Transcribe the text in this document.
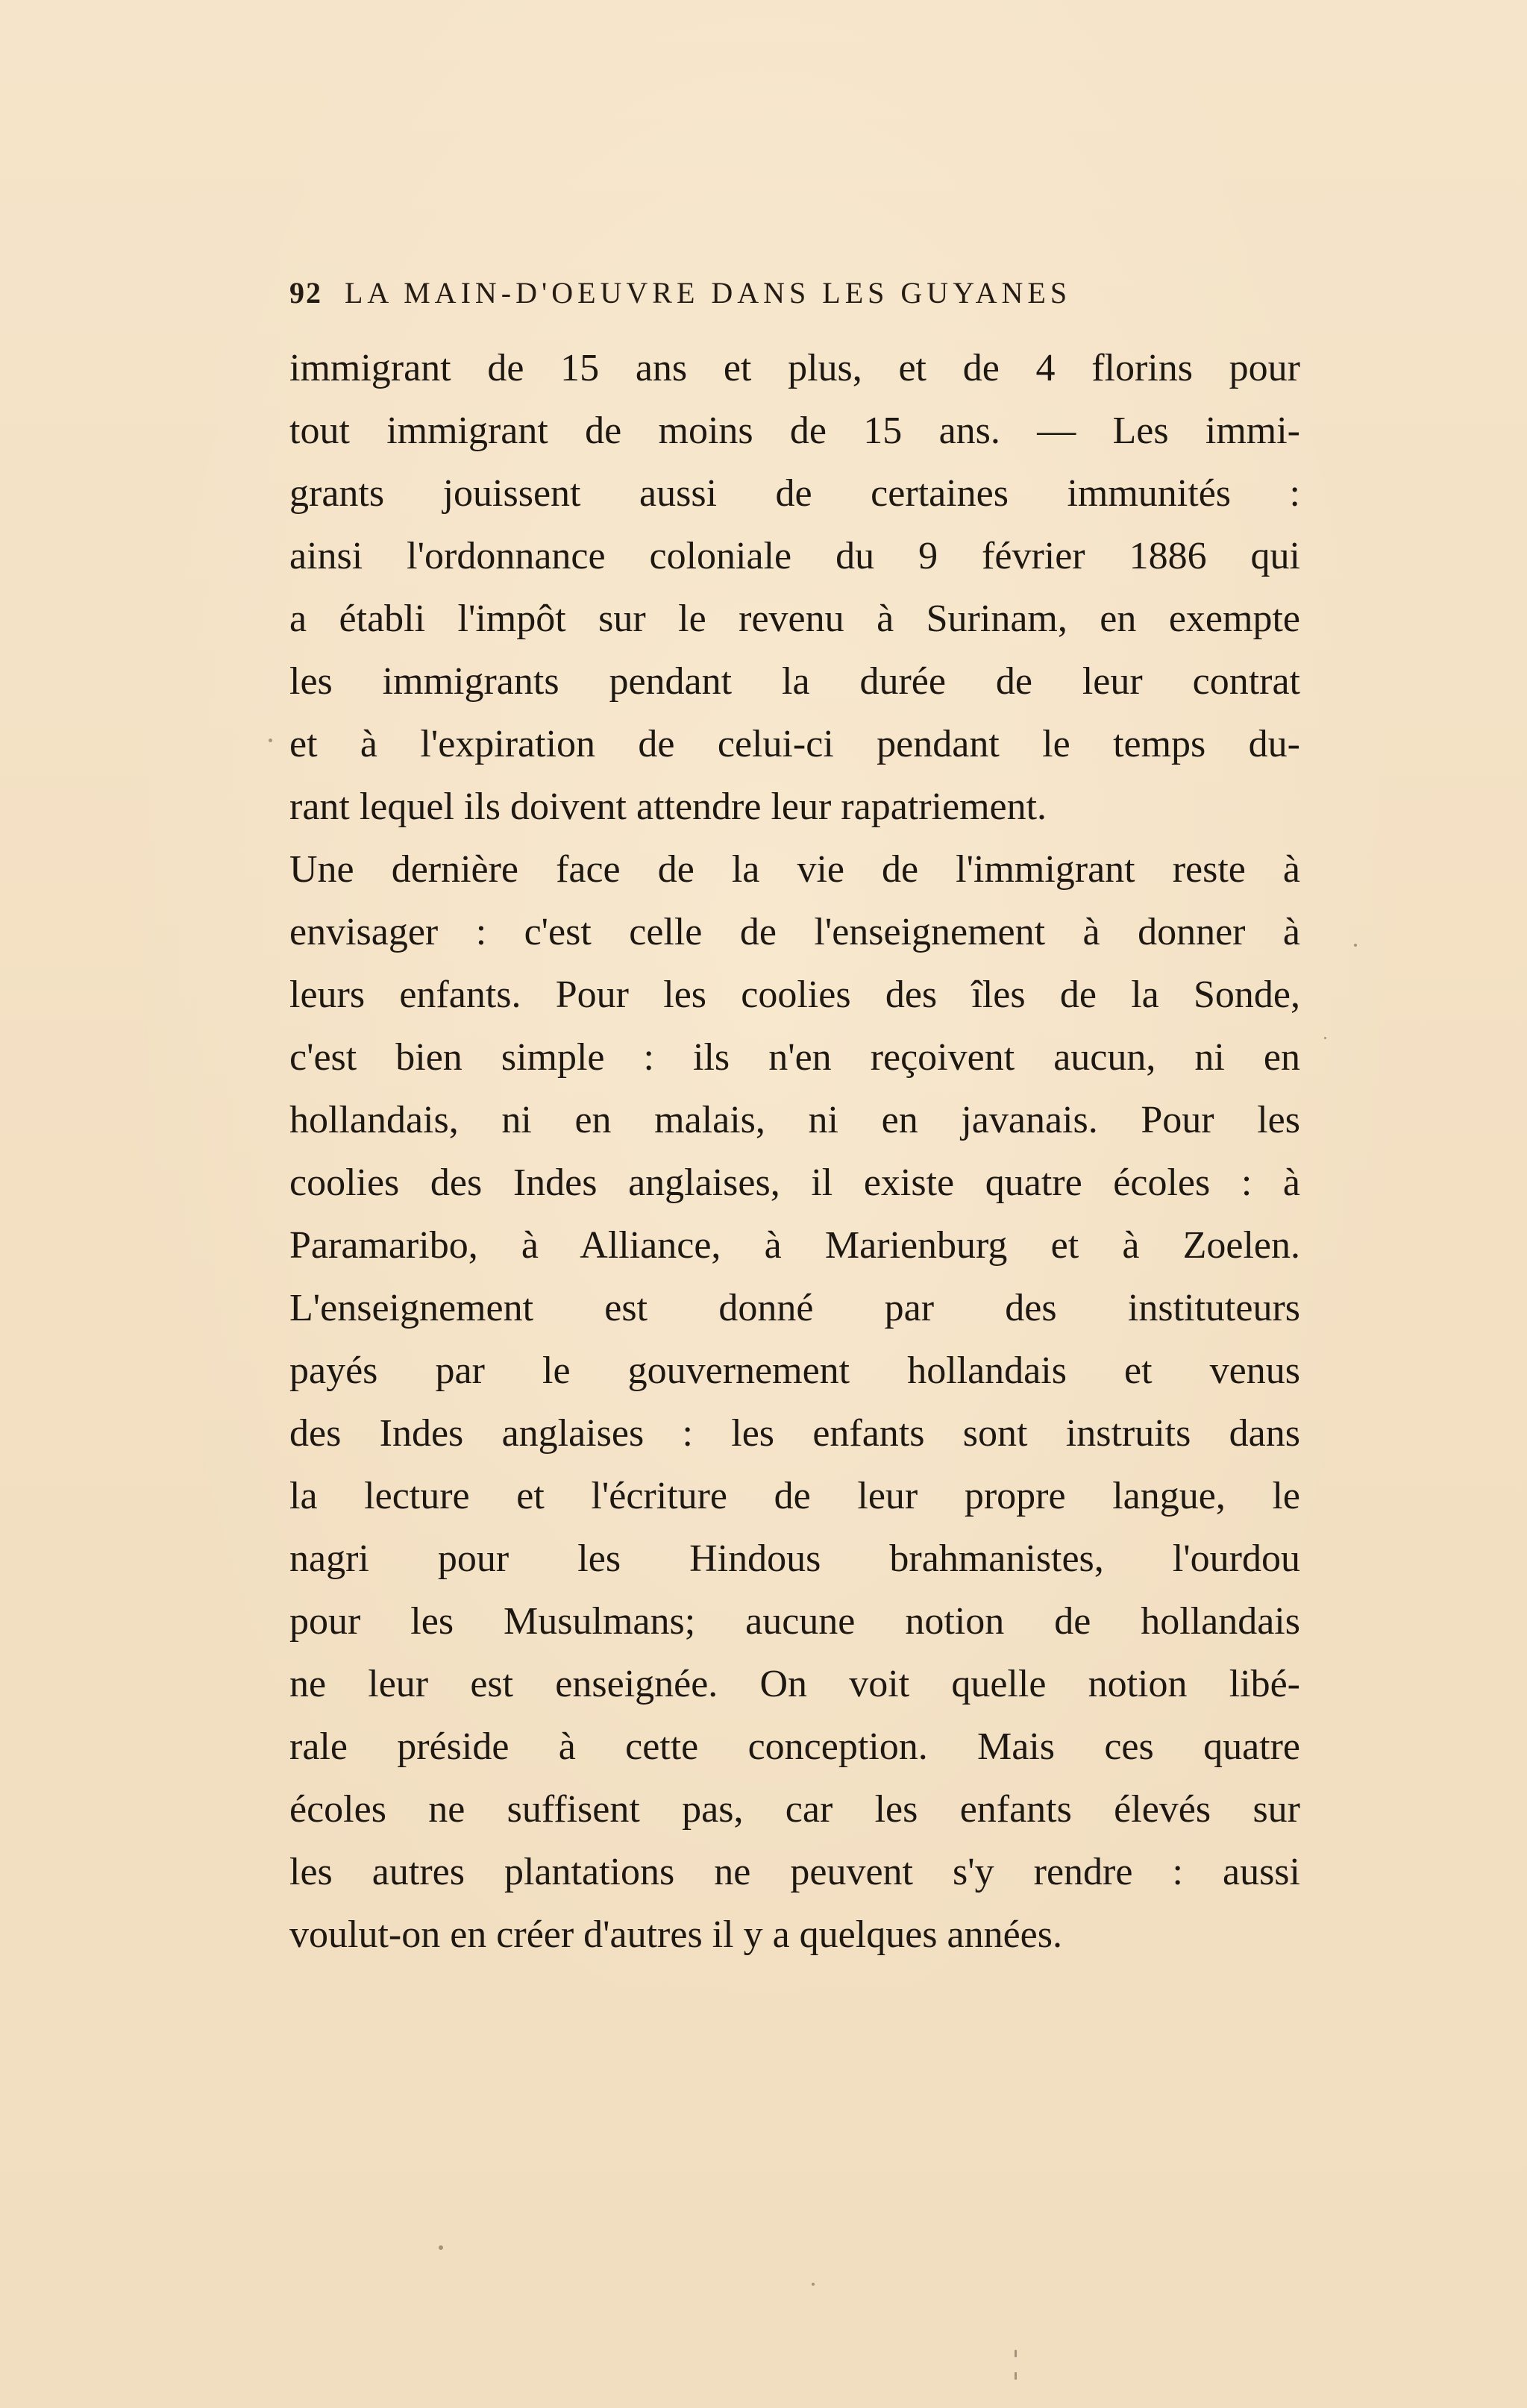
92 LA MAIN-D'OEUVRE DANS LES GUYANES
immigrant de 15 ans et plus, et de 4 florins pour
tout immigrant de moins de 15 ans. — Les immi-
grants jouissent aussi de certaines immunités :
ainsi l'ordonnance coloniale du 9 février 1886 qui
a établi l'impôt sur le revenu à Surinam, en exempte
les immigrants pendant la durée de leur contrat
et à l'expiration de celui-ci pendant le temps du-
rant lequel ils doivent attendre leur rapatriement.
Une dernière face de la vie de l'immigrant reste à
envisager : c'est celle de l'enseignement à donner à
leurs enfants. Pour les coolies des îles de la Sonde,
c'est bien simple : ils n'en reçoivent aucun, ni en
hollandais, ni en malais, ni en javanais. Pour les
coolies des Indes anglaises, il existe quatre écoles : à
Paramaribo, à Alliance, à Marienburg et à Zoelen.
L'enseignement est donné par des instituteurs
payés par le gouvernement hollandais et venus
des Indes anglaises : les enfants sont instruits dans
la lecture et l'écriture de leur propre langue, le
nagri pour les Hindous brahmanistes, l'ourdou
pour les Musulmans; aucune notion de hollandais
ne leur est enseignée. On voit quelle notion libé-
rale préside à cette conception. Mais ces quatre
écoles ne suffisent pas, car les enfants élevés sur
les autres plantations ne peuvent s'y rendre : aussi
voulut-on en créer d'autres il y a quelques années.
